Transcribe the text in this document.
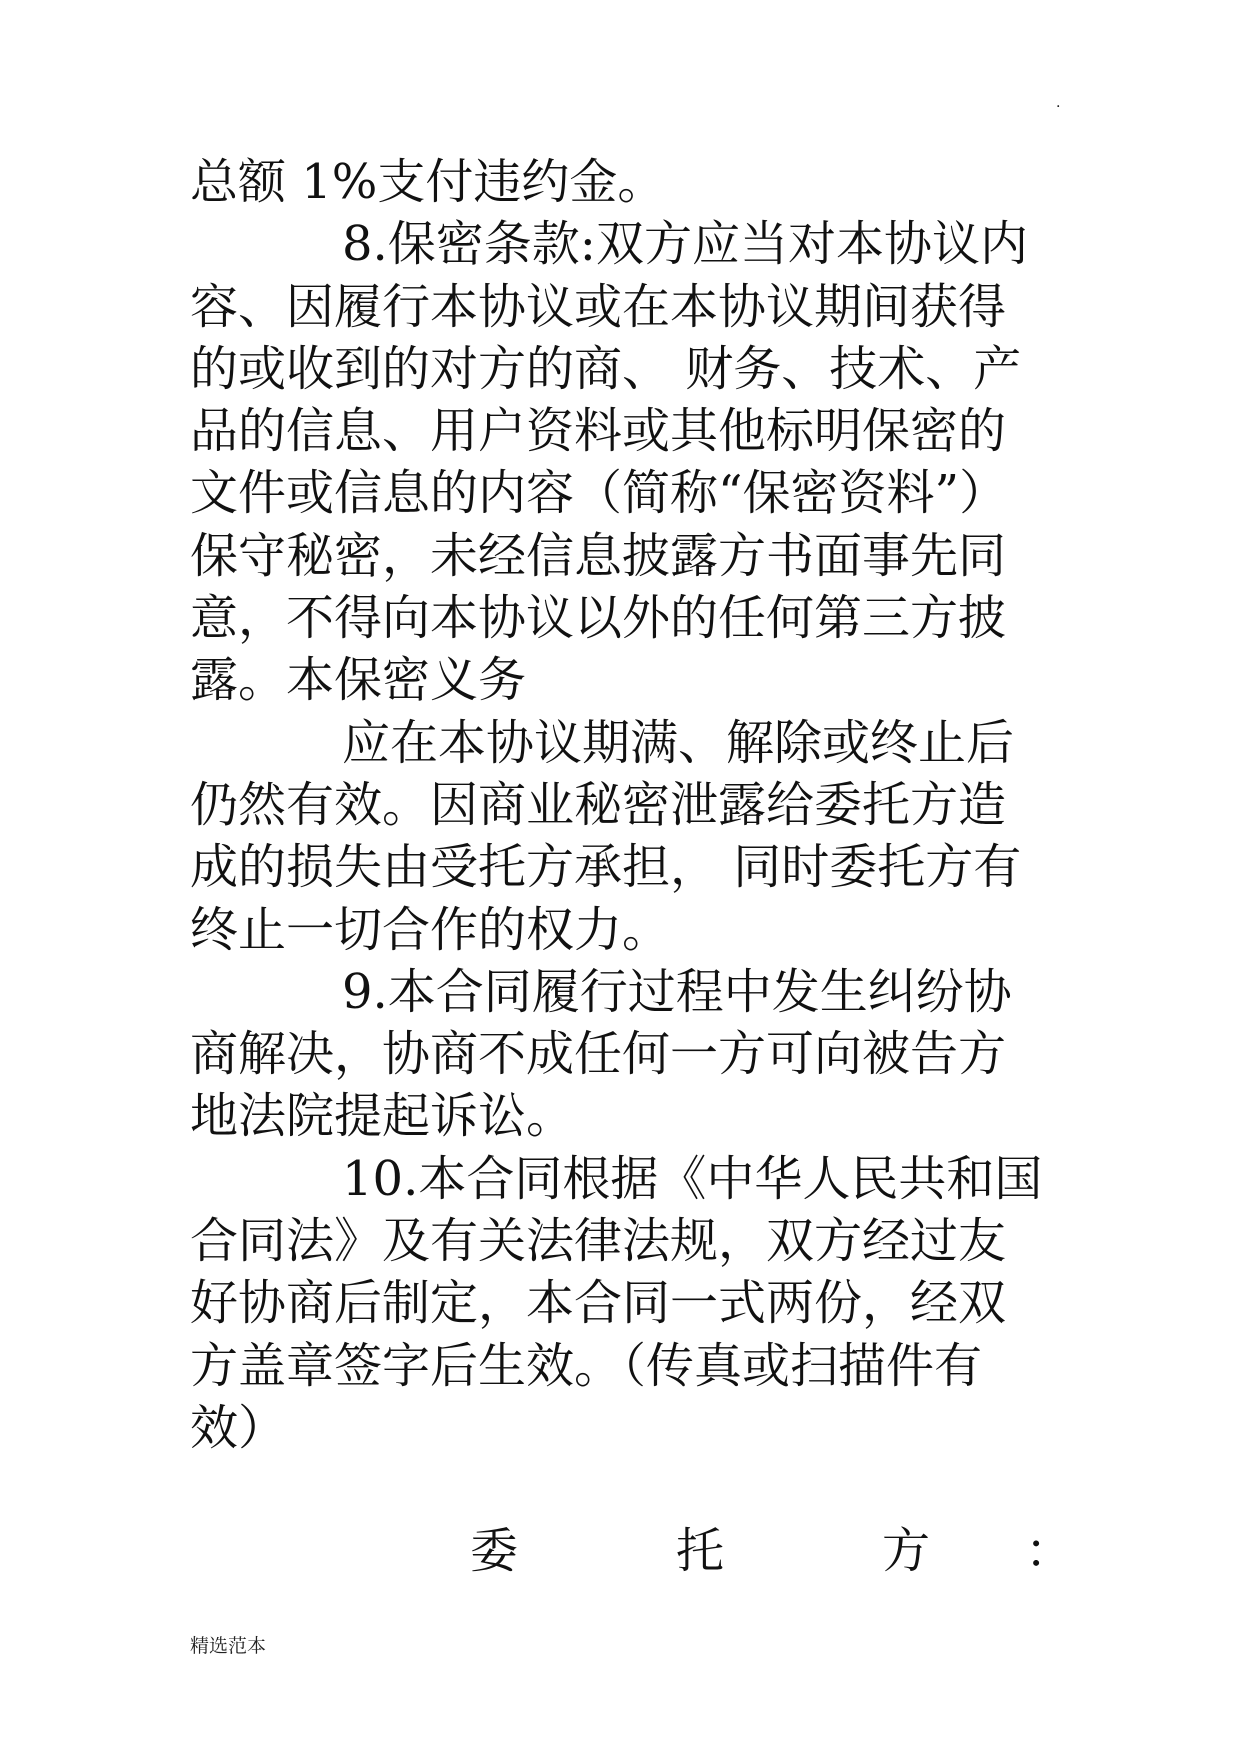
.
总额 1%支付违约金。
8.保密条款:双方应当对本协议内
容、因履行本协议或在本协议期间获得
的或收到的对方的商、 财务、技术、产
品的信息、用户资料或其他标明保密的
文件或信息的内容（简称“保密资料”）
保守秘密，未经信息披露方书面事先同
意，不得向本协议以外的任何第三方披
露。本保密义务
应在本协议期满、解除或终止后
仍然有效。因商业秘密泄露给委托方造
成的损失由受托方承担， 同时委托方有
终止一切合作的权力。
9.本合同履行过程中发生纠纷协
商解决，协商不成任何一方可向被告方
地法院提起诉讼。
10.本合同根据《中华人民共和国
合同法》及有关法律法规，双方经过友
好协商后制定，本合同一式两份，经双
方盖章签字后生效。（传真或扫描件有
效）
委	托	方 ：
精选范本
